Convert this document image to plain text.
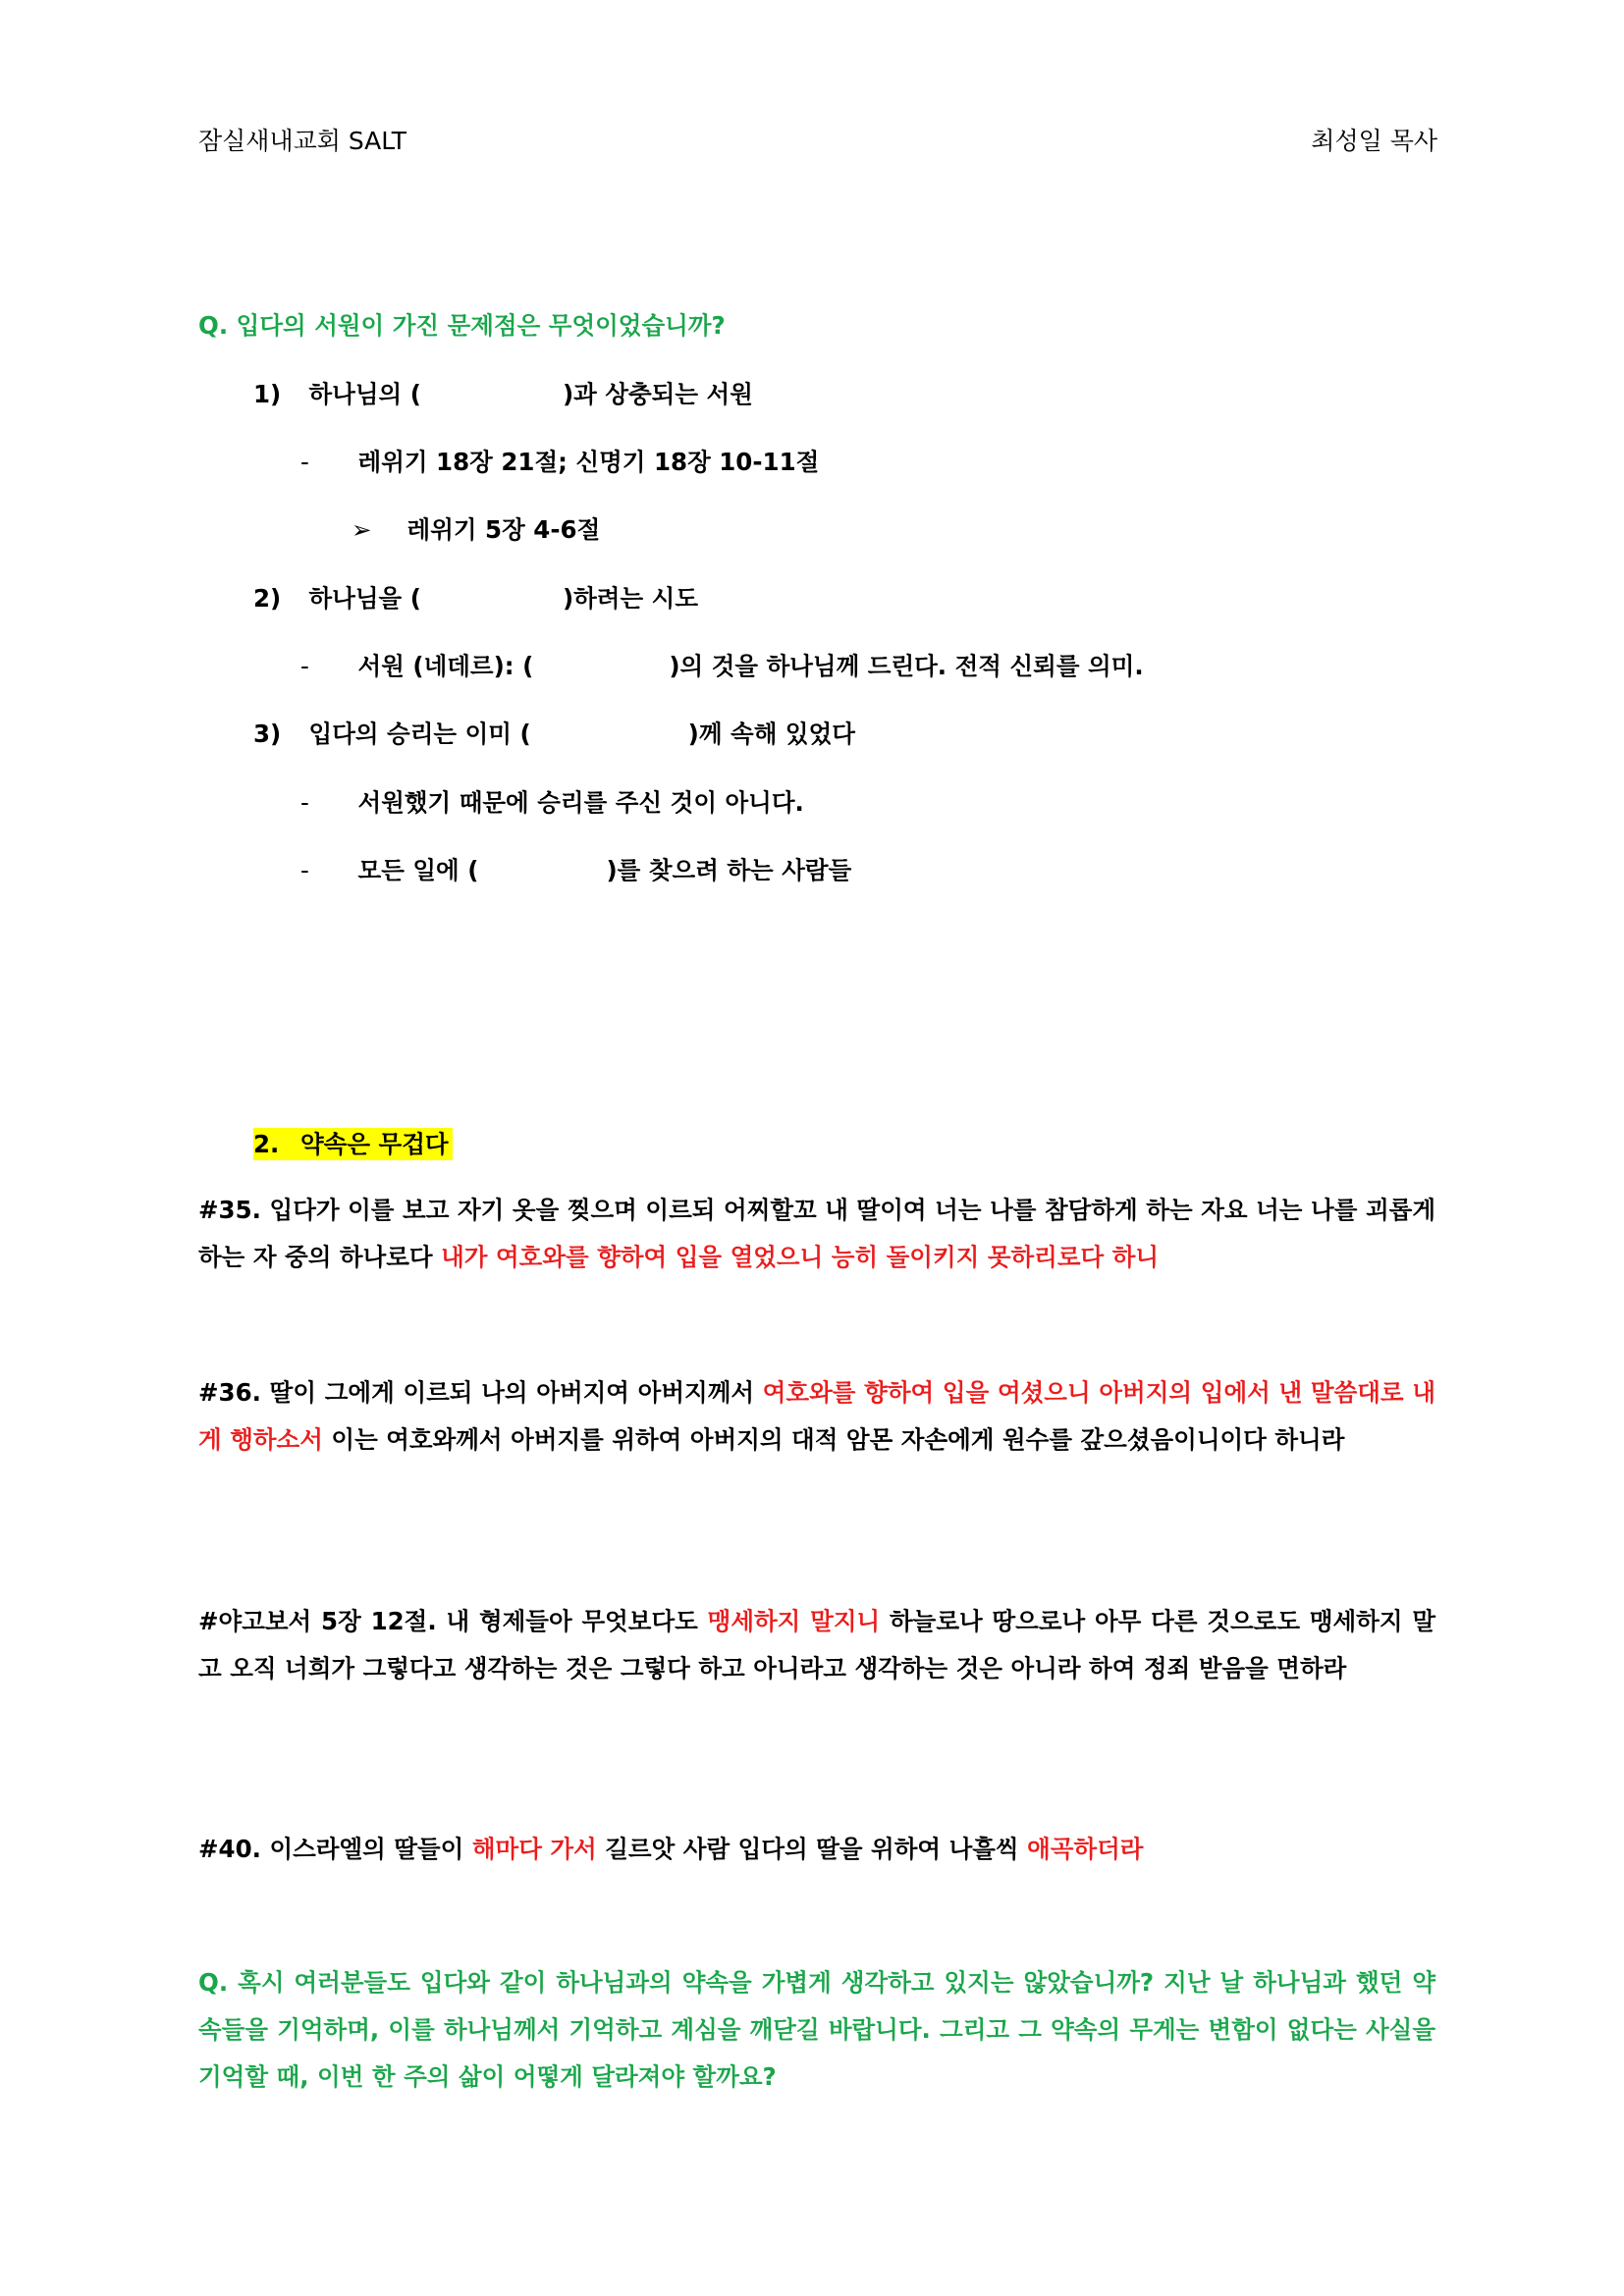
잠실새내교회 SALT	최성일 목사
Q. 입다의 서원이 가진 문제점은 무엇이었습니까?
1) 하나님의 (	)과 상충되는 서원
- 레위기 18장 21절; 신명기 18장 10-11절
➢ 레위기 5장 4-6절
2) 하나님을 (	)하려는 시도
- 서원 (네데르): (	)의 것을 하나님께 드린다. 전적 신뢰를 의미.
3) 입다의 승리는 이미 (	)께 속해 있었다
- 서원했기 때문에 승리를 주신 것이 아니다.
- 모든 일에 (	)를 찾으려 하는 사람들
2. 약속은 무겁다
#35. 입다가 이를 보고 자기 옷을 찢으며 이르되 어찌할꼬 내 딸이여 너는 나를 참담하게 하는 자요 너는 나를 괴롭게 하는 자 중의 하나로다 내가 여호와를 향하여 입을 열었으니 능히 돌이키지 못하리로다 하니
#36. 딸이 그에게 이르되 나의 아버지여 아버지께서 여호와를 향하여 입을 여셨으니 아버지의 입에서 낸 말씀대로 내게 행하소서 이는 여호와께서 아버지를 위하여 아버지의 대적 암몬 자손에게 원수를 갚으셨음이니이다 하니라
#야고보서 5장 12절. 내 형제들아 무엇보다도 맹세하지 말지니 하늘로나 땅으로나 아무 다른 것으로도 맹세하지 말고 오직 너희가 그렇다고 생각하는 것은 그렇다 하고 아니라고 생각하는 것은 아니라 하여 정죄 받음을 면하라
#40. 이스라엘의 딸들이 해마다 가서 길르앗 사람 입다의 딸을 위하여 나흘씩 애곡하더라
Q. 혹시 여러분들도 입다와 같이 하나님과의 약속을 가볍게 생각하고 있지는 않았습니까? 지난 날 하나님과 했던 약속들을 기억하며, 이를 하나님께서 기억하고 계심을 깨닫길 바랍니다. 그리고 그 약속의 무게는 변함이 없다는 사실을 기억할 때, 이번 한 주의 삶이 어떻게 달라져야 할까요?
